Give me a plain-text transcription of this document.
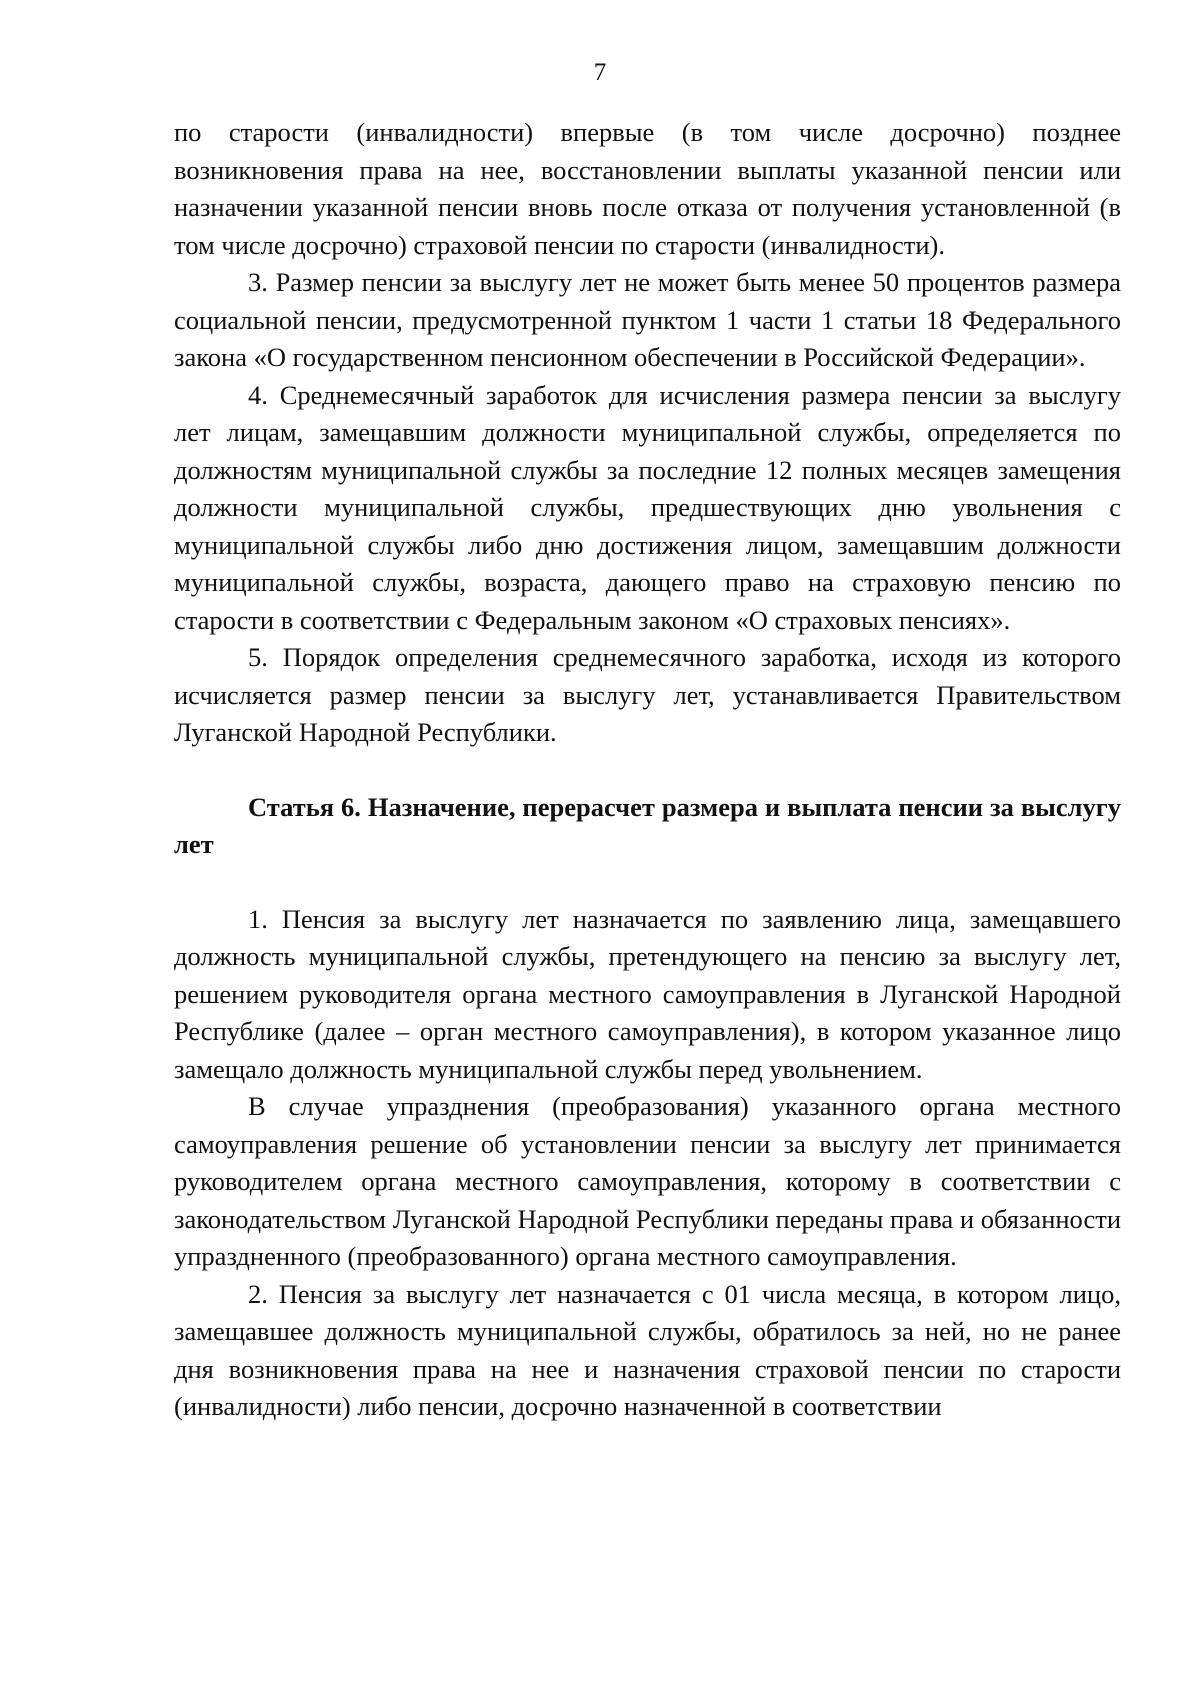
7

по старости (инвалидности) впервые (в том числе досрочно) позднее возникновения права на нее, восстановлении выплаты указанной пенсии или назначении указанной пенсии вновь после отказа от получения установленной (в том числе досрочно) страховой пенсии по старости (инвалидности).

3. Размер пенсии за выслугу лет не может быть менее 50 процентов размера социальной пенсии, предусмотренной пунктом 1 части 1 статьи 18 Федерального закона «О государственном пенсионном обеспечении в Российской Федерации».

4. Среднемесячный заработок для исчисления размера пенсии за выслугу лет лицам, замещавшим должности муниципальной службы, определяется по должностям муниципальной службы за последние 12 полных месяцев замещения должности муниципальной службы, предшествующих дню увольнения с муниципальной службы либо дню достижения лицом, замещавшим должности муниципальной службы, возраста, дающего право на страховую пенсию по старости в соответствии с Федеральным законом «О страховых пенсиях».

5. Порядок определения среднемесячного заработка, исходя из которого исчисляется размер пенсии за выслугу лет, устанавливается Правительством Луганской Народной Республики.

Статья 6. Назначение, перерасчет размера и выплата пенсии за выслугу лет

1. Пенсия за выслугу лет назначается по заявлению лица, замещавшего должность муниципальной службы, претендующего на пенсию за выслугу лет, решением руководителя органа местного самоуправления в Луганской Народной Республике (далее – орган местного самоуправления), в котором указанное лицо замещало должность муниципальной службы перед увольнением.

В случае упразднения (преобразования) указанного органа местного самоуправления решение об установлении пенсии за выслугу лет принимается руководителем органа местного самоуправления, которому в соответствии с законодательством Луганской Народной Республики переданы права и обязанности упраздненного (преобразованного) органа местного самоуправления.

2. Пенсия за выслугу лет назначается с 01 числа месяца, в котором лицо, замещавшее должность муниципальной службы, обратилось за ней, но не ранее дня возникновения права на нее и назначения страховой пенсии по старости (инвалидности) либо пенсии, досрочно назначенной в соответствии
